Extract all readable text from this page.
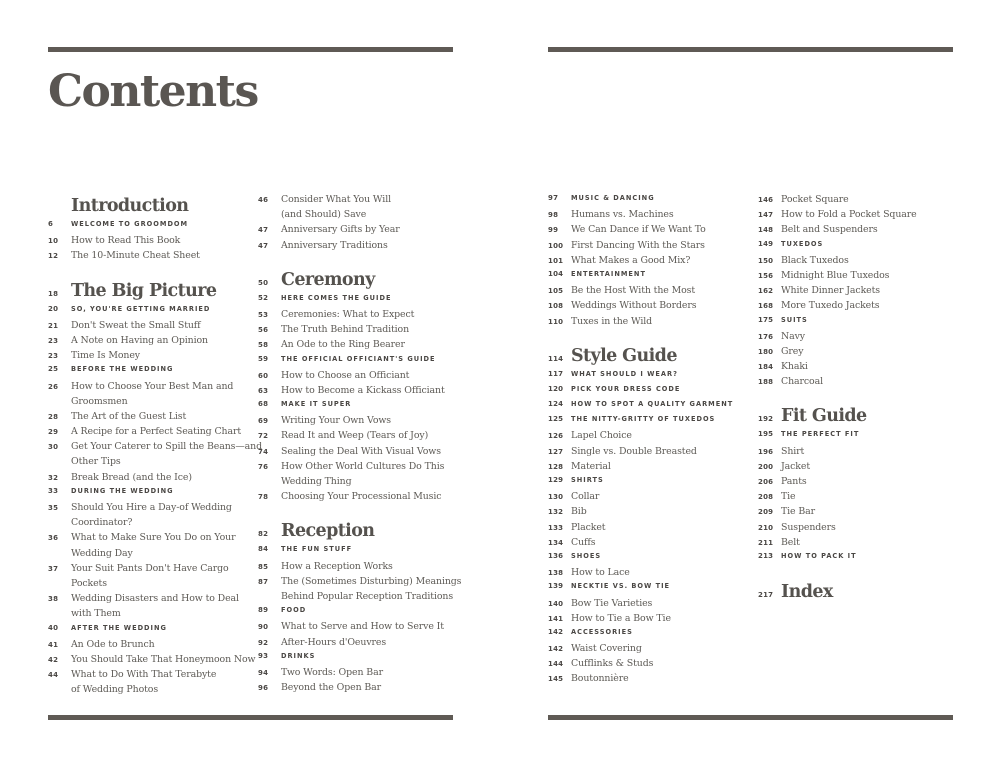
Contents
Introduction
6	WELCOME TO GROOMDOM
10	How to Read This Book
12	The 10-Minute Cheat Sheet
18 The Big Picture
20	SO, YOU'RE GETTING MARRIED
21	Don't Sweat the Small Stuff
23	A Note on Having an Opinion
23	Time Is Money
25	BEFORE THE WEDDING
26	How to Choose Your Best Man and
Groomsmen
28	The Art of the Guest List
29	A Recipe for a Perfect Seating Chart
30	Get Your Caterer to Spill the Beans—and
Other Tips
32	Break Bread (and the Ice)
33	DURING THE WEDDING
35	Should You Hire a Day-of Wedding
Coordinator?
36	What to Make Sure You Do on Your
Wedding Day
37	Your Suit Pants Don't Have Cargo
Pockets
38	Wedding Disasters and How to Deal
with Them
40	AFTER THE WEDDING
41	An Ode to Brunch
42	You Should Take That Honeymoon Now
44	What to Do With That Terabyte
of Wedding Photos
46	Consider What You Will
(and Should) Save
47	Anniversary Gifts by Year
47	Anniversary Traditions
50 Ceremony
52	HERE COMES THE GUIDE
53	Ceremonies: What to Expect
56	The Truth Behind Tradition
58	An Ode to the Ring Bearer
59	THE OFFICIAL OFFICIANT'S GUIDE
60	How to Choose an Officiant
63	How to Become a Kickass Officiant
68	MAKE IT SUPER
69	Writing Your Own Vows
72	Read It and Weep (Tears of Joy)
74	Sealing the Deal With Visual Vows
76	How Other World Cultures Do This
Wedding Thing
78	Choosing Your Processional Music
82 Reception
84	THE FUN STUFF
85	How a Reception Works
87	The (Sometimes Disturbing) Meanings
Behind Popular Reception Traditions
89	FOOD
90	What to Serve and How to Serve It
92	After-Hours d'Oeuvres
93	DRINKS
94	Two Words: Open Bar
96	Beyond the Open Bar
97	MUSIC & DANCING
98	Humans vs. Machines
99	We Can Dance if We Want To
100 First Dancing With the Stars
101 What Makes a Good Mix?
104	ENTERTAINMENT
105 Be the Host With the Most
108 Weddings Without Borders
110 Tuxes in the Wild
114 Style Guide
117	WHAT SHOULD I WEAR?
120	PICK YOUR DRESS CODE
124	HOW TO SPOT A QUALITY GARMENT
125	THE NITTY-GRITTY OF TUXEDOS
126 Lapel Choice
127 Single vs. Double Breasted
128 Material
129	SHIRTS
130 Collar
132 Bib
133 Placket
134 Cuffs
136	SHOES
138 How to Lace
139	NECKTIE VS. BOW TIE
140 Bow Tie Varieties
141 How to Tie a Bow Tie
142	ACCESSORIES
142 Waist Covering
144 Cufflinks & Studs
145 Boutonnière
146 Pocket Square
147 How to Fold a Pocket Square
148 Belt and Suspenders
149	TUXEDOS
150 Black Tuxedos
156 Midnight Blue Tuxedos
162 White Dinner Jackets
168 More Tuxedo Jackets
175	SUITS
176 Navy
180 Grey
184 Khaki
188 Charcoal
192 Fit Guide
195	THE PERFECT FIT
196 Shirt
200 Jacket
206 Pants
208 Tie
209 Tie Bar
210 Suspenders
211 Belt
213	HOW TO PACK IT
217 Index
